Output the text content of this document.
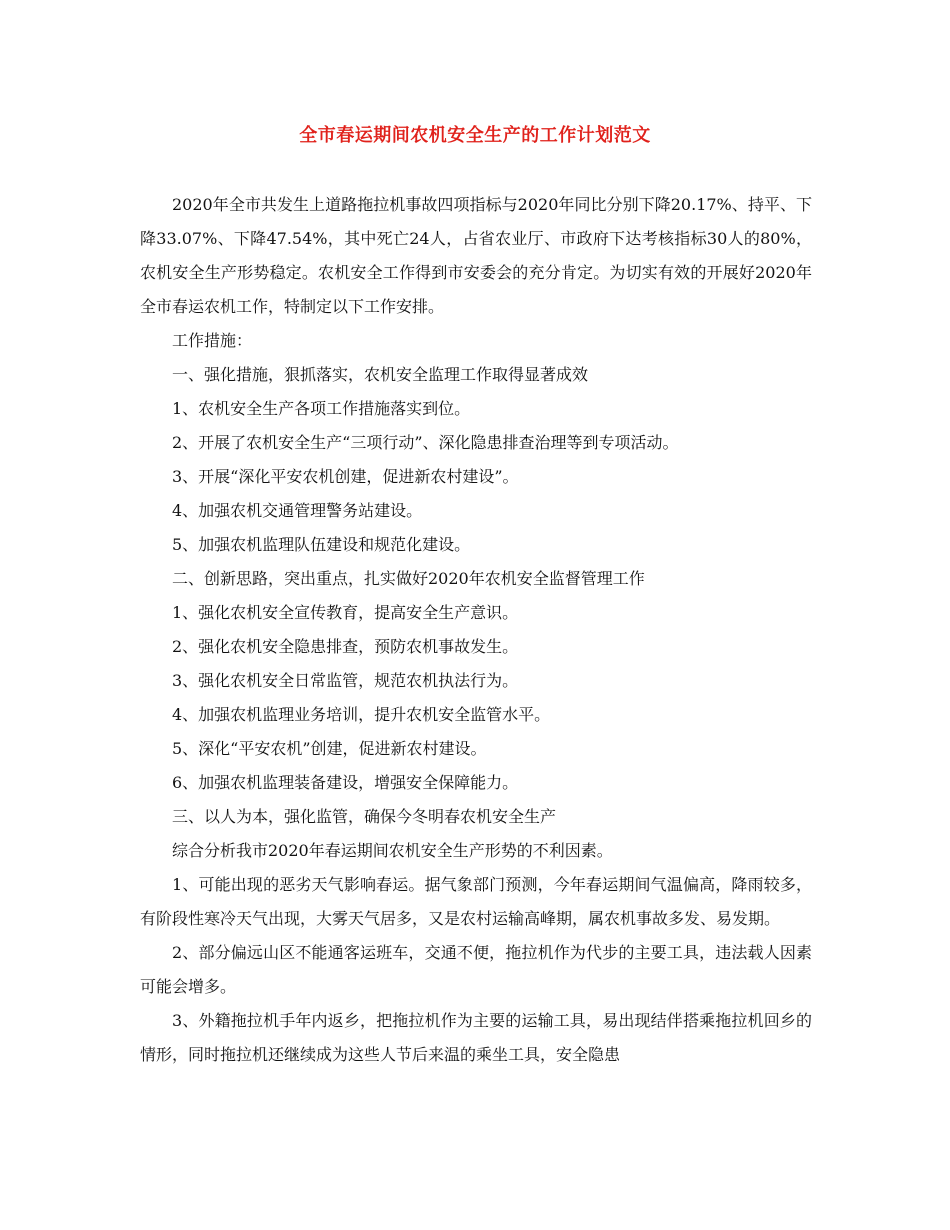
全市春运期间农机安全生产的工作计划范文

2020年全市共发生上道路拖拉机事故四项指标与2020年同比分别下降20.17%、持平、下降33.07%、下降47.54%，其中死亡24人，占省农业厅、市政府下达考核指标30人的80%，农机安全生产形势稳定。农机安全工作得到市安委会的充分肯定。为切实有效的开展好2020年全市春运农机工作，特制定以下工作安排。

工作措施：

一、强化措施，狠抓落实，农机安全监理工作取得显著成效

1、农机安全生产各项工作措施落实到位。

2、开展了农机安全生产“三项行动”、深化隐患排查治理等到专项活动。

3、开展“深化平安农机创建，促进新农村建设”。

4、加强农机交通管理警务站建设。

5、加强农机监理队伍建设和规范化建设。

二、创新思路，突出重点，扎实做好2020年农机安全监督管理工作

1、强化农机安全宣传教育，提高安全生产意识。

2、强化农机安全隐患排查，预防农机事故发生。

3、强化农机安全日常监管，规范农机执法行为。

4、加强农机监理业务培训，提升农机安全监管水平。

5、深化“平安农机”创建，促进新农村建设。

6、加强农机监理装备建设，增强安全保障能力。

三、以人为本，强化监管，确保今冬明春农机安全生产

综合分析我市2020年春运期间农机安全生产形势的不利因素。

1、可能出现的恶劣天气影响春运。据气象部门预测，今年春运期间气温偏高，降雨较多，有阶段性寒冷天气出现，大雾天气居多，又是农村运输高峰期，属农机事故多发、易发期。

2、部分偏远山区不能通客运班车，交通不便，拖拉机作为代步的主要工具，违法载人因素可能会增多。

3、外籍拖拉机手年内返乡，把拖拉机作为主要的运输工具，易出现结伴搭乘拖拉机回乡的情形，同时拖拉机还继续成为这些人节后来温的乘坐工具，安全隐患
